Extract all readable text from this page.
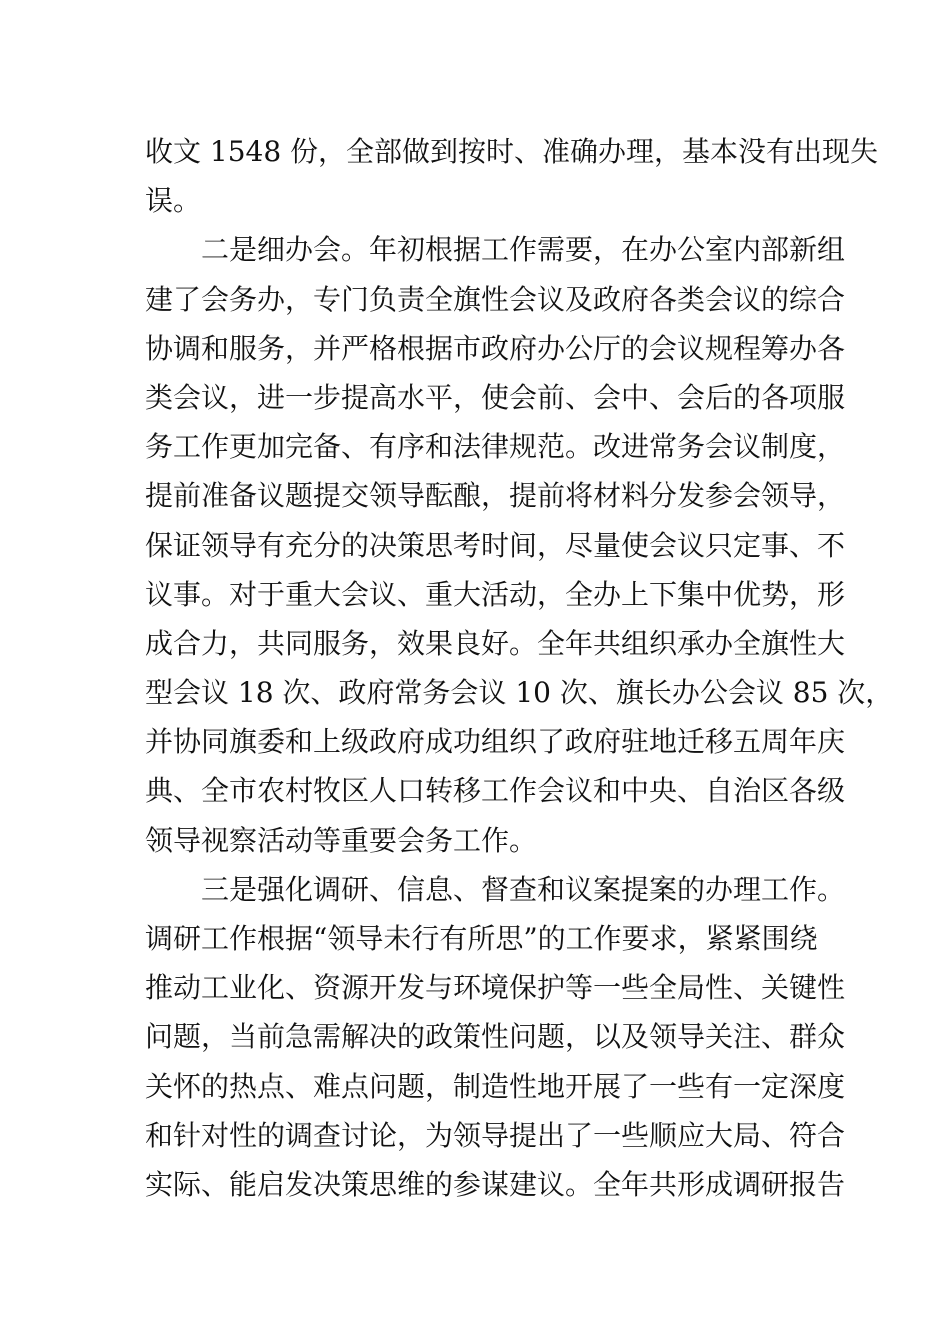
收文 1548 份，全部做到按时、准确办理，基本没有出现失
误。
二是细办会。年初根据工作需要，在办公室内部新组
建了会务办，专门负责全旗性会议及政府各类会议的综合
协调和服务，并严格根据市政府办公厅的会议规程筹办各
类会议，进一步提高水平，使会前、会中、会后的各项服
务工作更加完备、有序和法律规范。改进常务会议制度，
提前准备议题提交领导酝酿，提前将材料分发参会领导，
保证领导有充分的决策思考时间，尽量使会议只定事、不
议事。对于重大会议、重大活动，全办上下集中优势，形
成合力，共同服务，效果良好。全年共组织承办全旗性大
型会议 18 次、政府常务会议 10 次、旗长办公会议 85 次，
并协同旗委和上级政府成功组织了政府驻地迁移五周年庆
典、全市农村牧区人口转移工作会议和中央、自治区各级
领导视察活动等重要会务工作。
三是强化调研、信息、督查和议案提案的办理工作。
调研工作根据“领导未行有所思”的工作要求，紧紧围绕
推动工业化、资源开发与环境保护等一些全局性、关键性
问题，当前急需解决的政策性问题，以及领导关注、群众
关怀的热点、难点问题，制造性地开展了一些有一定深度
和针对性的调查讨论，为领导提出了一些顺应大局、符合
实际、能启发决策思维的参谋建议。全年共形成调研报告
